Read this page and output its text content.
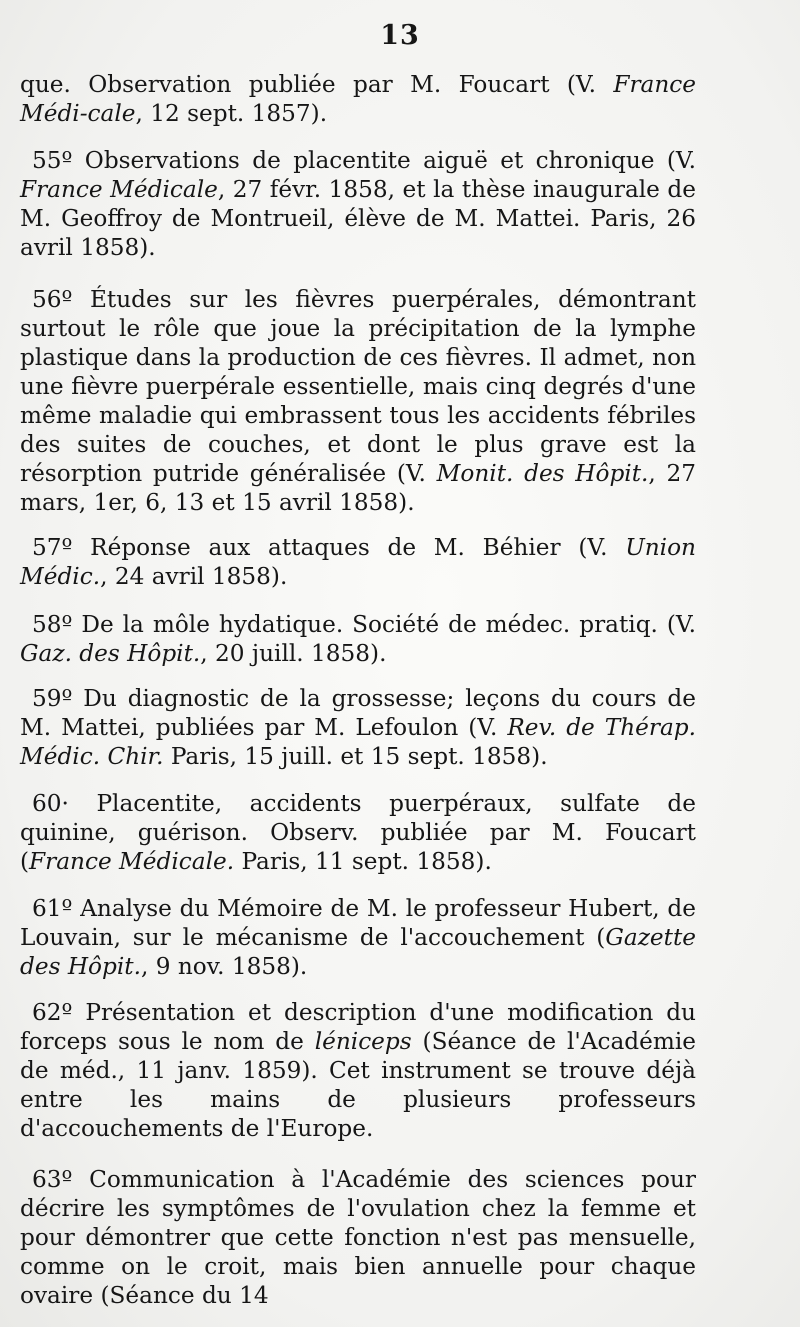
13

que. Observation publiée par M. Foucart (V. France Médi-cale, 12 sept. 1857).

55º Observations de placentite aiguë et chronique (V. France Médicale, 27 févr. 1858, et la thèse inaugurale de M. Geoffroy de Montrueil, élève de M. Mattei. Paris, 26 avril 1858).

56º Études sur les fièvres puerpérales, démontrant surtout le rôle que joue la précipitation de la lymphe plastique dans la production de ces fièvres. Il admet, non une fièvre puerpérale essentielle, mais cinq degrés d'une même maladie qui embrassent tous les accidents fébriles des suites de couches, et dont le plus grave est la résorption putride généralisée (V. Monit. des Hôpit., 27 mars, 1er, 6, 13 et 15 avril 1858).

57º Réponse aux attaques de M. Béhier (V. Union Médic., 24 avril 1858).

58º De la môle hydatique. Société de médec. pratiq. (V. Gaz. des Hôpit., 20 juill. 1858).

59º Du diagnostic de la grossesse; leçons du cours de M. Mattei, publiées par M. Lefoulon (V. Rev. de Thérap. Médic. Chir. Paris, 15 juill. et 15 sept. 1858).

60· Placentite, accidents puerpéraux, sulfate de quinine, guérison. Observ. publiée par M. Foucart (France Médicale. Paris, 11 sept. 1858).

61º Analyse du Mémoire de M. le professeur Hubert, de Louvain, sur le mécanisme de l'accouchement (Gazette des Hôpit., 9 nov. 1858).

62º Présentation et description d'une modification du forceps sous le nom de léniceps (Séance de l'Académie de méd., 11 janv. 1859). Cet instrument se trouve déjà entre les mains de plusieurs professeurs d'accouchements de l'Europe.

63º Communication à l'Académie des sciences pour décrire les symptômes de l'ovulation chez la femme et pour démontrer que cette fonction n'est pas mensuelle, comme on le croit, mais bien annuelle pour chaque ovaire (Séance du 14
